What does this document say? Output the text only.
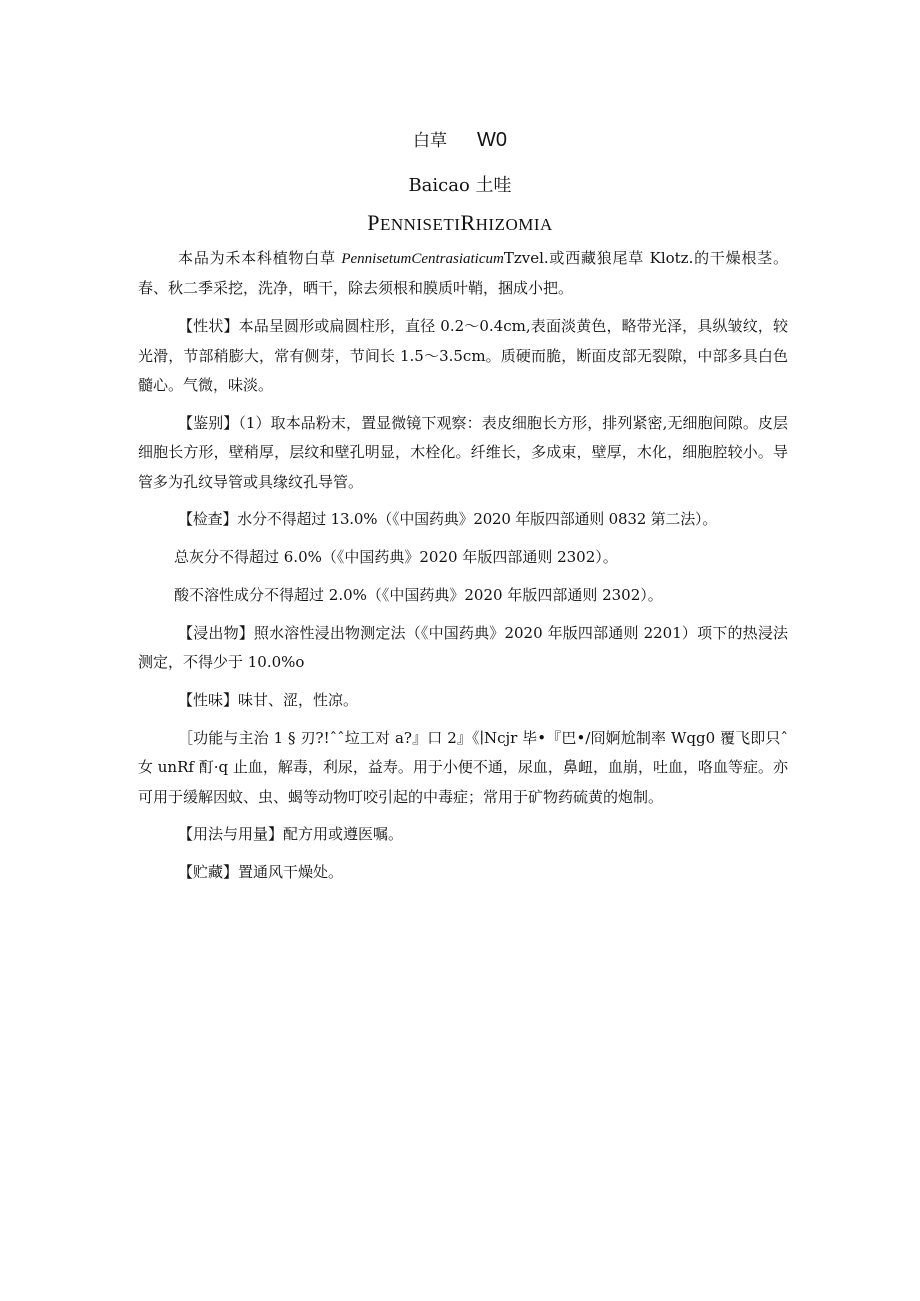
白草 W0
Baicao 土哇
PENNISETIRHIZOMIA

本品为禾本科植物白草 PennisetumCentrasiaticumTzvel.或西藏狼尾草 Klotz.的干燥根茎。春、秋二季采挖，洗净，晒干，除去须根和膜质叶鞘，捆成小把。

【性状】本品呈圆形或扁圆柱形，直径 0.2～0.4cm,表面淡黄色，略带光泽，具纵皱纹，较光滑，节部稍膨大，常有侧芽，节间长 1.5～3.5cm。质硬而脆，断面皮部无裂隙，中部多具白色髓心。气微，味淡。

【鉴别】（1）取本品粉末，置显微镜下观察：表皮细胞长方形，排列紧密,无细胞间隙。皮层细胞长方形，壁稍厚，层纹和壁孔明显，木栓化。纤维长，多成束，壁厚，木化，细胞腔较小。导管多为孔纹导管或具缘纹孔导管。

【检查】水分不得超过 13.0%（《中国药典》2020 年版四部通则 0832 第二法）。

总灰分不得超过 6.0%（《中国药典》2020 年版四部通则 2302）。

酸不溶性成分不得超过 2.0%（《中国药典》2020 年版四部通则 2302）。

【浸出物】照水溶性浸出物测定法（《中国药典》2020 年版四部通则 2201）项下的热浸法测定，不得少于 10.0%o

【性味】味甘、涩，性凉。

［功能与主治 1 § 刃?!ˆˆ垃工对 a?』口 2』《∣Ncjr 毕•『巴•/冏婀尬制率 Wqg0 覆飞即只ˆ女 unRf 酊·q 止血，解毒，利尿，益寿。用于小便不通，尿血，鼻衄，血崩，吐血，咯血等症。亦可用于缓解因蚊、虫、蝎等动物叮咬引起的中毒症；常用于矿物药硫黄的炮制。

【用法与用量】配方用或遵医嘱。

【贮藏】置通风干燥处。
